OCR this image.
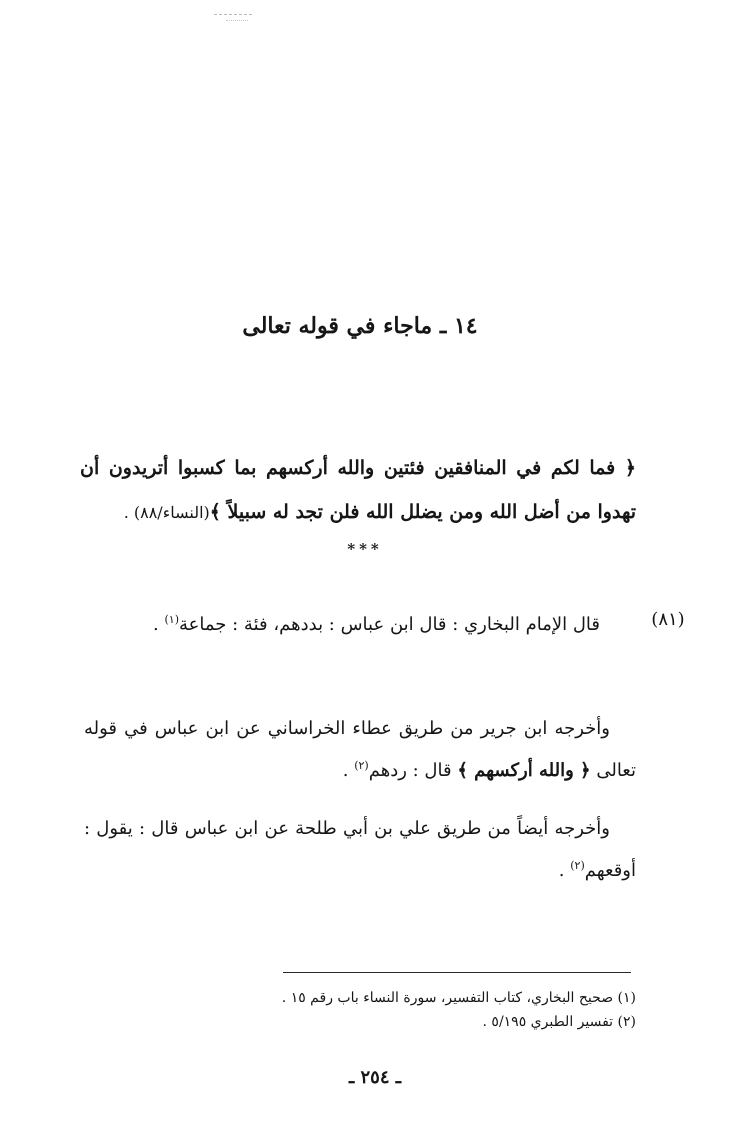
١٤ ـ ماجاء في قوله تعالى
﴿ فما لكم في المنافقين فئتين والله أركسهم بما كسبوا أتريدون أن تهدوا من أضل الله ومن يضلل الله فلن تجد له سبيلاً ﴾(النساء/٨٨) .
***
(٨١)
قال الإمام البخاري : قال ابن عباس : بددهم، فئة : جماعة$^{(١)}$ .
وأخرجه ابن جرير من طريق عطاء الخراساني عن ابن عباس في قوله تعالى ﴿ والله أركسهم ﴾ قال : ردهم$^{(٢)}$ .
وأخرجه أيضاً من طريق علي بن أبي طلحة عن ابن عباس قال : يقول : أوقعهم$^{(٢)}$ .
(١) صحيح البخاري، كتاب التفسير، سورة النساء باب رقم ١٥ .
(٢) تفسير الطبري ٥/١٩٥ .
ـ ٢٥٤ ـ
